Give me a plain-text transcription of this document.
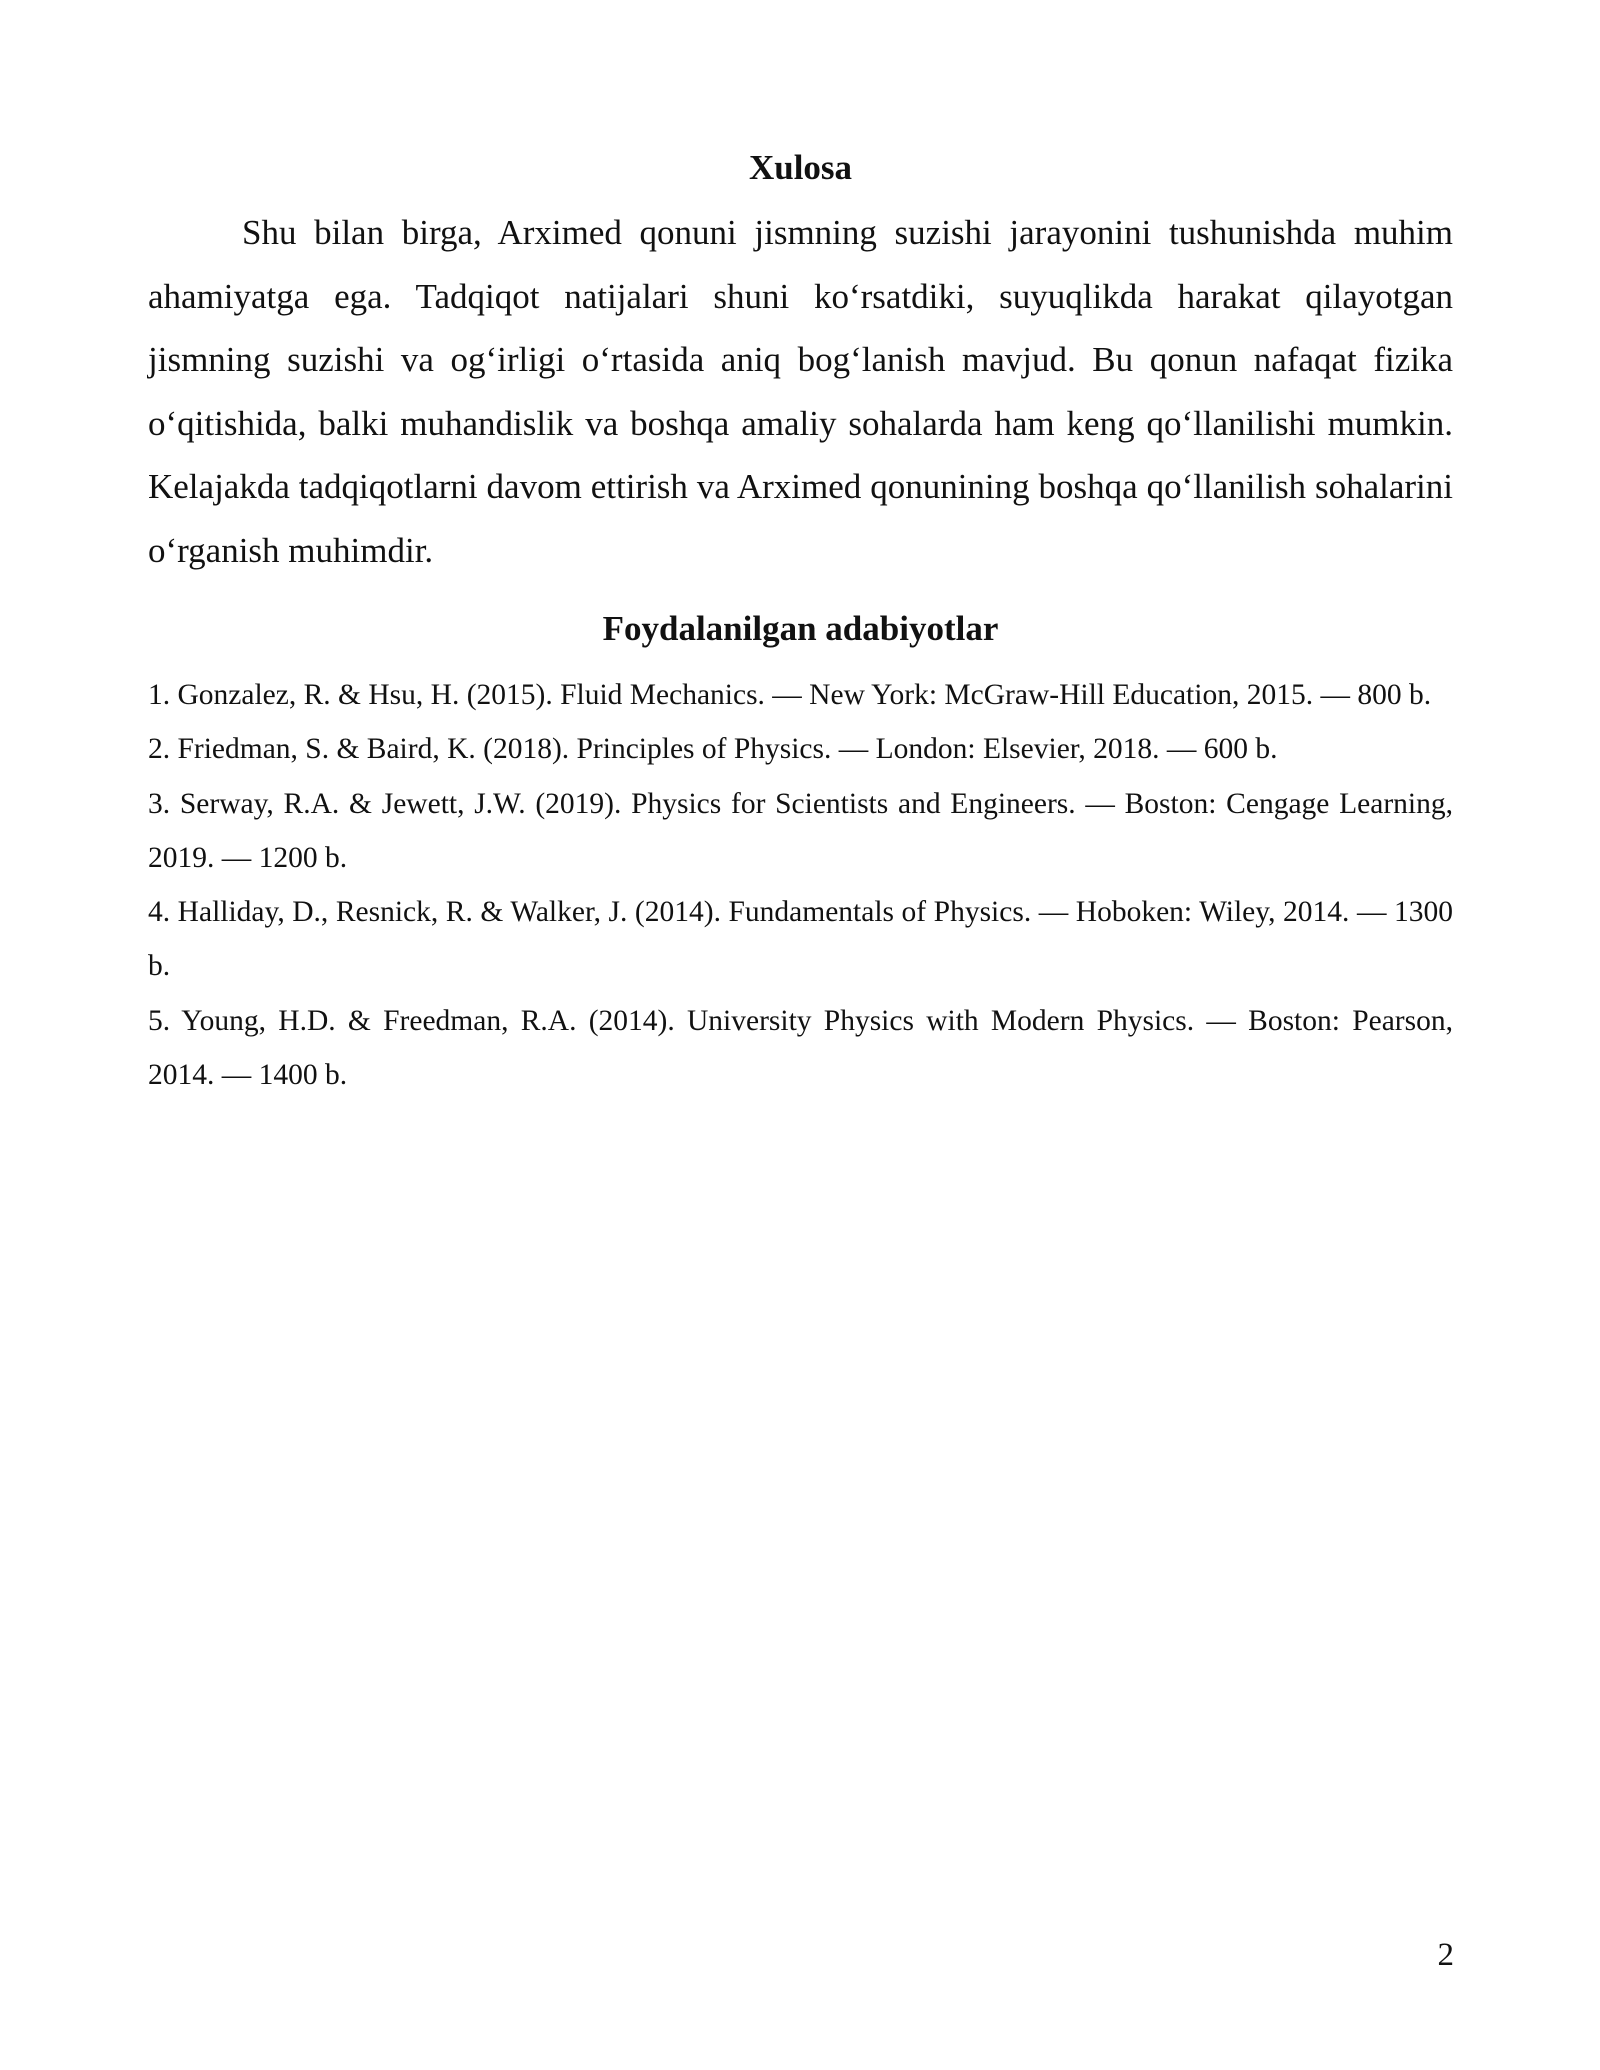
Xulosa

Shu bilan birga, Arximed qonuni jismning suzishi jarayonini tushunishda muhim ahamiyatga ega. Tadqiqot natijalari shuni ko‘rsatdiki, suyuqlikda harakat qilayotgan jismning suzishi va og‘irligi o‘rtasida aniq bog‘lanish mavjud. Bu qonun nafaqat fizika o‘qitishida, balki muhandislik va boshqa amaliy sohalarda ham keng qo‘llanilishi mumkin. Kelajakda tadqiqotlarni davom ettirish va Arximed qonunining boshqa qo‘llanilish sohalarini o‘rganish muhimdir.

Foydalanilgan adabiyotlar
1. Gonzalez, R. & Hsu, H. (2015). Fluid Mechanics. — New York: McGraw-Hill Education, 2015. — 800 b.
2. Friedman, S. & Baird, K. (2018). Principles of Physics. — London: Elsevier, 2018. — 600 b.
3. Serway, R.A. & Jewett, J.W. (2019). Physics for Scientists and Engineers. — Boston: Cengage Learning, 2019. — 1200 b.
4. Halliday, D., Resnick, R. & Walker, J. (2014). Fundamentals of Physics. — Hoboken: Wiley, 2014. — 1300 b.
5. Young, H.D. & Freedman, R.A. (2014). University Physics with Modern Physics. — Boston: Pearson, 2014. — 1400 b.
2
